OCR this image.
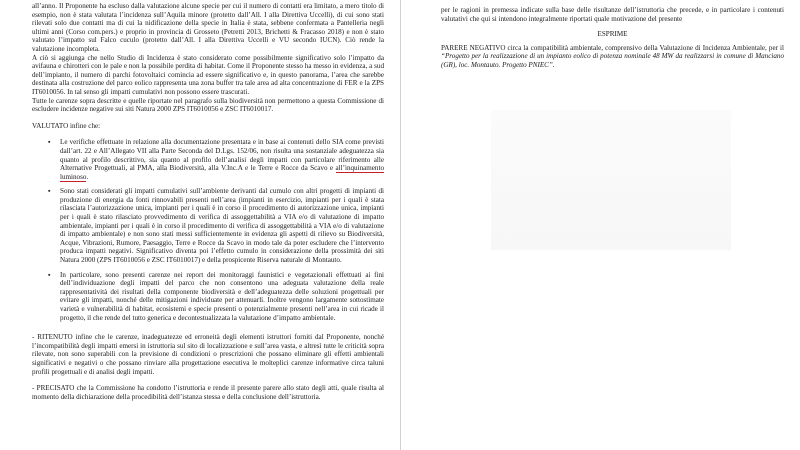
all’anno. Il Proponente ha escluso dalla valutazione alcune specie per cui il numero di contatti era limitato, a mero titolo di esempio, non è stata valutata l’incidenza sull’Aquila minore (protetto dall’All. I alla Direttiva Uccelli), di cui sono stati rilevati solo due contatti ma di cui la nidificazione della specie in Italia è stata, sebbene confermata a Pantelleria negli ultimi anni (Corso com.pers.) e proprio in provincia di Grosseto (Petretti 2013, Brichetti & Fracasso 2018) e non è stato valutato l’impatto sul Falco cuculo (protetto dall’All. I alla Direttiva Uccelli e VU secondo IUCN). Ciò rende la valutazione incompleta.

A ciò si aggiunga che nello Studio di Incidenza è stato considerato come possibilmente significativo solo l’impatto da avifauna e chirotteri con le pale e non la possibile perdita di habitat. Come il Proponente stesso ha messo in evidenza, a sud dell’impianto, il numero di parchi fotovoltaici comincia ad essere significativo e, in questo panorama, l’area che sarebbe destinata alla costruzione del parco eolico rappresenta una zona buffer tra tale area ad alta concentrazione di FER e la ZPS IT6010056. In tal senso gli impatti cumulativi non possono essere trascurati.

Tutte le carenze sopra descritte e quelle riportate nel paragrafo sulla biodiversità non permettono a questa Commissione di escludere incidenze negative sui siti Natura 2000 ZPS IT6010056 e ZSC IT6010017.

VALUTATO infine che:

▪ Le verifiche effettuate in relazione alla documentazione presentata e in base ai contenuti dello SIA come previsti dall’art. 22 e All’Allegato VII alla Parte Seconda del D.Lgs. 152/06, non risulta una sostanziale adeguatezza sia quanto al profilo descrittivo, sia quanto al profilo dell’analisi degli impatti con particolare riferimento alle Alternative Progettuali, al PMA, alla Biodiversità, alla V.Inc.A e le Terre e Rocce da Scavo e all’inquinamento luminoso.
▪ Sono stati considerati gli impatti cumulativi sull’ambiente derivanti dal cumulo con altri progetti di impianti di produzione di energia da fonti rinnovabili presenti nell’area (impianti in esercizio, impianti per i quali è stata rilasciata l’autorizzazione unica, impianti per i quali è in corso il procedimento di autorizzazione unica, impianti per i quali è stato rilasciato provvedimento di verifica di assoggettabilità a VIA e/o di valutazione di impatto ambientale, impianti per i quali è in corso il procedimento di verifica di assoggettabilità a VIA e/o di valutazione di impatto ambientale) e non sono stati messi sufficientemente in evidenza gli aspetti di rilievo su Biodiversità, Acque, Vibrazioni, Rumore, Paesaggio, Terre e Rocce da Scavo in modo tale da poter escludere che l’intervento produca impatti negativi. Significativo diventa poi l’effetto cumulo in considerazione della prossimità dei siti Natura 2000 (ZPS IT6010056 e ZSC IT6010017) e della prospicente Riserva naturale di Montauto.
▪ In particolare, sono presenti carenze nei report dei monitoraggi faunistici e vegetazionali effettuati ai fini dell’individuazione degli impatti del parco che non consentono una adeguata valutazione della reale rappresentatività dei risultati della componente biodiversità e dell’adeguatezza delle soluzioni progettuali per evitare gli impatti, nonché delle mitigazioni individuate per attenuarli. Inoltre vengono largamente sottostimate varietà e vulnerabilità di habitat, ecosistemi e specie presenti o potenzialmente presenti nell’area in cui ricade il progetto, il che rende del tutto generica e decontestualizzata la valutazione d’impatto ambientale.

- RITENUTO infine che le carenze, inadeguatezze ed erroneità degli elementi istruttori forniti dal Proponente, nonché l’incompatibilità degli impatti emersi in istruttoria sul sito di localizzazione e sull’area vasta, e altresì tutte le criticità sopra rilevate, non sono superabili con la previsione di condizioni o prescrizioni che possano eliminare gli effetti ambientali significativi e negativi o che possano rinviare alla progettazione esecutiva le molteplici carenze informative circa taluni profili progettuali e di analisi degli impatti.

- PRECISATO che la Commissione ha condotto l’istruttoria e rende il presente parere allo stato degli atti, quale risulta al momento della dichiarazione della procedibilità dell’istanza stessa e della conclusione dell’istruttoria.

per le ragioni in premessa indicate sulla base delle risultanze dell’istruttoria che precede, e in particolare i contenuti valutativi che qui si intendono integralmente riportati quale motivazione del presente

ESPRIME

PARERE NEGATIVO circa la compatibilità ambientale, comprensivo della Valutazione di Incidenza Ambientale, per il “Progetto per la realizzazione di un impianto eolico di potenza nominale 48 MW da realizzarsi in comune di Manciano (GR), loc. Montauto. Progetto PNIEC”.
